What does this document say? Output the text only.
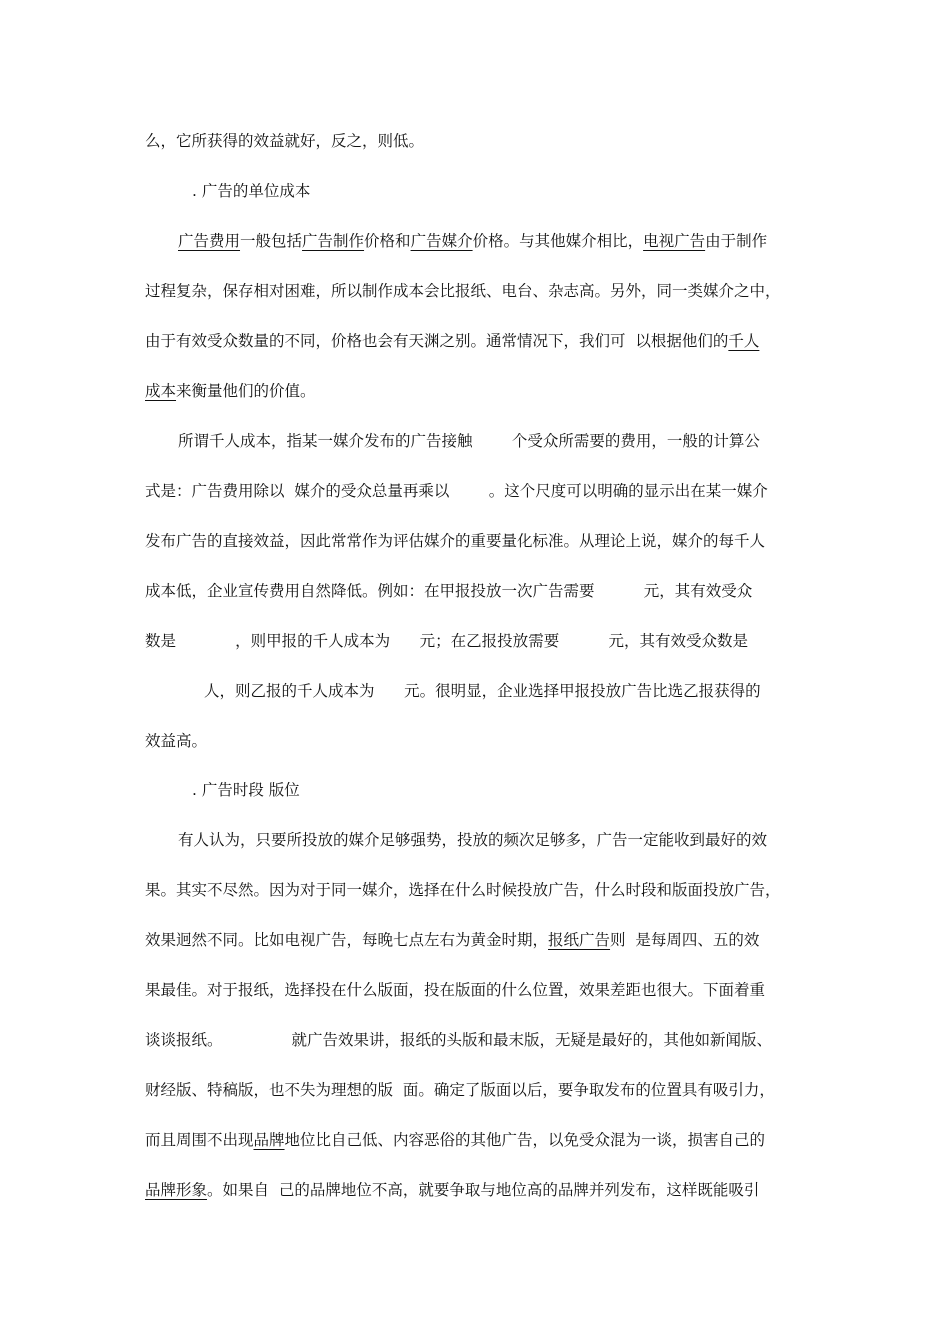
么，它所获得的效益就好，反之，则低。
. 广告的单位成本
广告费用一般包括广告制作价格和广告媒介价格。与其他媒介相比，电视广告由于制作
过程复杂，保存相对困难，所以制作成本会比报纸、电台、杂志高。另外，同一类媒介之中，
由于有效受众数量的不同，价格也会有天渊之别。通常情况下，我们可  以根据他们的千人
成本来衡量他们的价值。
所谓千人成本，指某一媒介发布的广告接触        个受众所需要的费用，一般的计算公
式是：广告费用除以  媒介的受众总量再乘以        。这个尺度可以明确的显示出在某一媒介
发布广告的直接效益，因此常常作为评估媒介的重要量化标准。从理论上说，媒介的每千人
成本低，企业宣传费用自然降低。例如：在甲报投放一次广告需要          元，其有效受众
数是            ，则甲报的千人成本为      元；在乙报投放需要          元，其有效受众数是
人，则乙报的千人成本为      元。很明显，企业选择甲报投放广告比选乙报获得的
效益高。
. 广告时段 版位
有人认为，只要所投放的媒介足够强势，投放的频次足够多，广告一定能收到最好的效
果。其实不尽然。因为对于同一媒介，选择在什么时候投放广告，什么时段和版面投放广告，
效果迥然不同。比如电视广告，每晚七点左右为黄金时期，报纸广告则  是每周四、五的效
果最佳。对于报纸，选择投在什么版面，投在版面的什么位置，效果差距也很大。下面着重
谈谈报纸。              就广告效果讲，报纸的头版和最末版，无疑是最好的，其他如新闻版、
财经版、特稿版，也不失为理想的版  面。确定了版面以后，要争取发布的位置具有吸引力，
而且周围不出现品牌地位比自己低、内容恶俗的其他广告，以免受众混为一谈，损害自己的
品牌形象。如果自  己的品牌地位不高，就要争取与地位高的品牌并列发布，这样既能吸引
